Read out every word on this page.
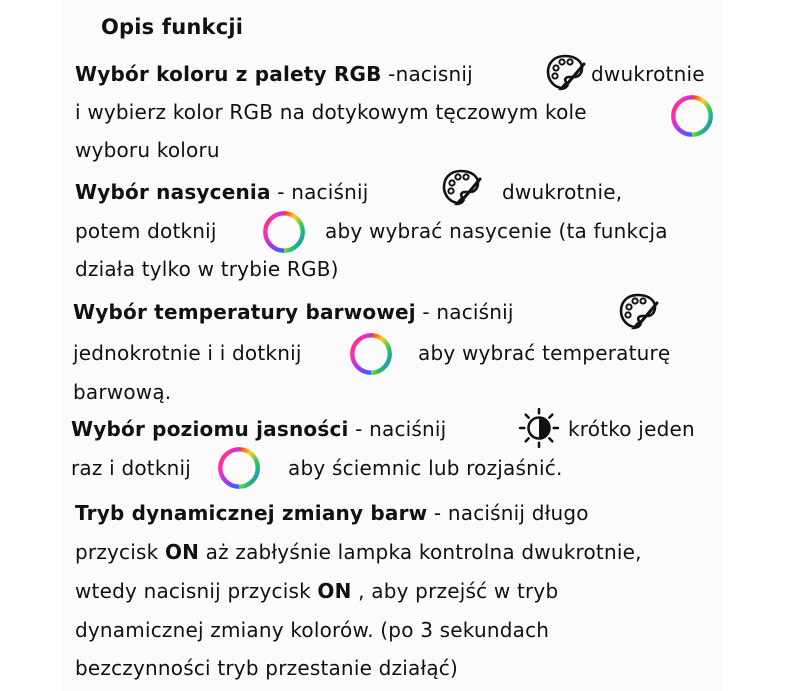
Opis funkcji
Wybór koloru z palety RGB -nacisnij	dwukrotnie
i wybierz kolor RGB na dotykowym tęczowym kole
wyboru koloru
Wybór nasycenia - naciśnij	dwukrotnie,
potem dotknij	aby wybrać nasycenie (ta funkcja
działa tylko w trybie RGB)
Wybór temperatury barwowej - naciśnij
jednokrotnie i i dotknij	aby wybrać temperaturę
barwową.
Wybór poziomu jasności - naciśnij	krótko jeden
raz i dotknij	aby ściemnic lub rozjaśnić.
Tryb dynamicznej zmiany barw - naciśnij długo
przycisk ON aż zabłyśnie lampka kontrolna dwukrotnie,
wtedy nacisnij przycisk ON , aby przejść w tryb
dynamicznej zmiany kolorów. (po 3 sekundach
bezczynności tryb przestanie działąć)
